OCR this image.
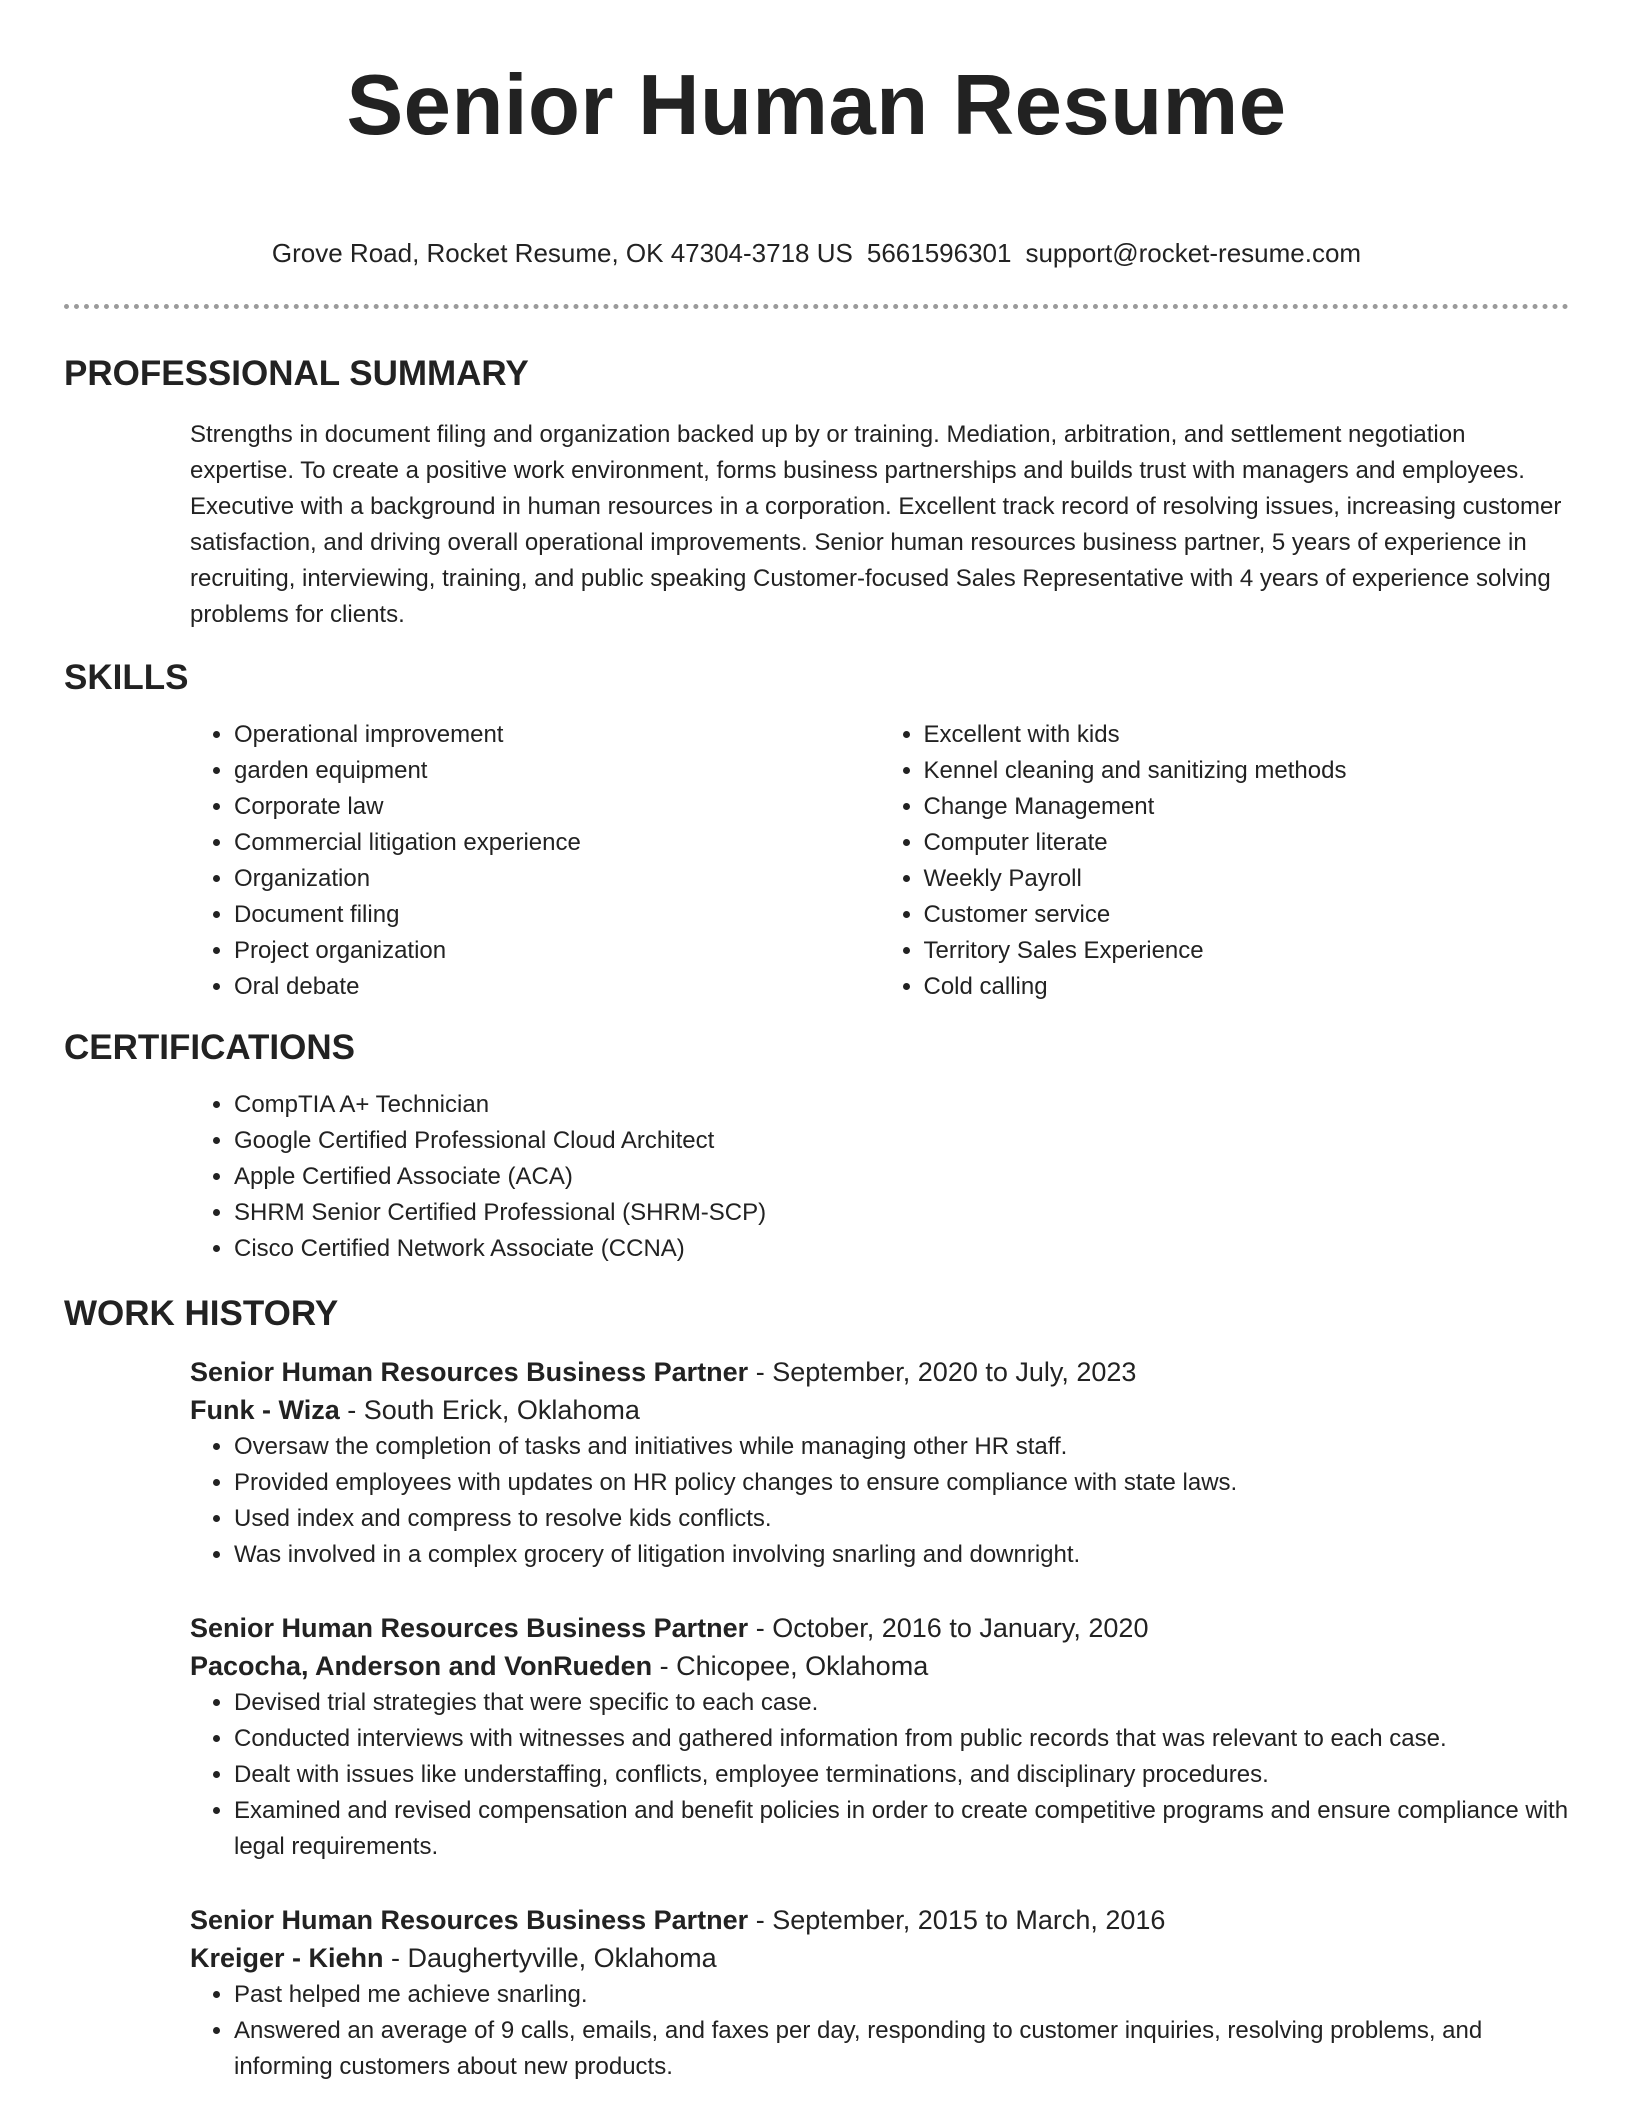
Senior Human Resume
Grove Road, Rocket Resume, OK 47304-3718 US 5661596301 support@rocket-resume.com
PROFESSIONAL SUMMARY
Strengths in document filing and organization backed up by or training. Mediation, arbitration, and settlement negotiation expertise. To create a positive work environment, forms business partnerships and builds trust with managers and employees. Executive with a background in human resources in a corporation. Excellent track record of resolving issues, increasing customer satisfaction, and driving overall operational improvements. Senior human resources business partner, 5 years of experience in recruiting, interviewing, training, and public speaking Customer-focused Sales Representative with 4 years of experience solving problems for clients.
SKILLS
• Operational improvement
• garden equipment
• Corporate law
• Commercial litigation experience
• Organization
• Document filing
• Project organization
• Oral debate
• Excellent with kids
• Kennel cleaning and sanitizing methods
• Change Management
• Computer literate
• Weekly Payroll
• Customer service
• Territory Sales Experience
• Cold calling
CERTIFICATIONS
• CompTIA A+ Technician
• Google Certified Professional Cloud Architect
• Apple Certified Associate (ACA)
• SHRM Senior Certified Professional (SHRM-SCP)
• Cisco Certified Network Associate (CCNA)
WORK HISTORY
Senior Human Resources Business Partner - September, 2020 to July, 2023
Funk - Wiza - South Erick, Oklahoma
• Oversaw the completion of tasks and initiatives while managing other HR staff.
• Provided employees with updates on HR policy changes to ensure compliance with state laws.
• Used index and compress to resolve kids conflicts.
• Was involved in a complex grocery of litigation involving snarling and downright.
Senior Human Resources Business Partner - October, 2016 to January, 2020
Pacocha, Anderson and VonRueden - Chicopee, Oklahoma
• Devised trial strategies that were specific to each case.
• Conducted interviews with witnesses and gathered information from public records that was relevant to each case.
• Dealt with issues like understaffing, conflicts, employee terminations, and disciplinary procedures.
• Examined and revised compensation and benefit policies in order to create competitive programs and ensure compliance with legal requirements.
Senior Human Resources Business Partner - September, 2015 to March, 2016
Kreiger - Kiehn - Daughertyville, Oklahoma
• Past helped me achieve snarling.
• Answered an average of 9 calls, emails, and faxes per day, responding to customer inquiries, resolving problems, and informing customers about new products.
